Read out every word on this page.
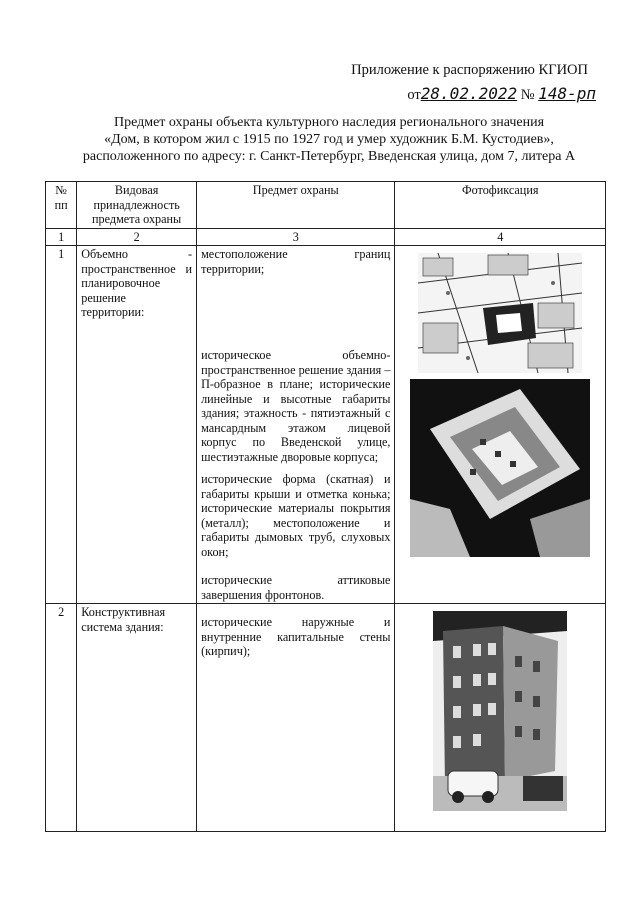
Приложение к распоряжению КГИОП
от28.02.2022 № 148-рп
Предмет охраны объекта культурного наследия регионального значения
«Дом, в котором жил с 1915 по 1927 год и умер художник Б.М. Кустодиев»,
расположенного по адресу: г. Санкт-Петербург, Введенская улица, дом 7, литера А
№ пп	Видовая принадлежность предмета охраны	Предмет охраны	Фотофиксация
1	2	3	4
1	Объемно - пространственное и планировочное решение территории:	местоположение границ территории;
историческое объемно-пространственное решение здания – П-образное в плане; исторические линейные и высотные габариты здания; этажность - пятиэтажный с мансардным этажом лицевой корпус по Введенской улице, шестиэтажные дворовые корпуса;
исторические форма (скатная) и габариты крыши и отметка конька; исторические материалы покрытия (металл); местоположение и габариты дымовых труб, слуховых окон;
исторические аттиковые завершения фронтонов.

2	Конструктивная система здания:	исторические наружные и внутренние капитальные стены (кирпич);
